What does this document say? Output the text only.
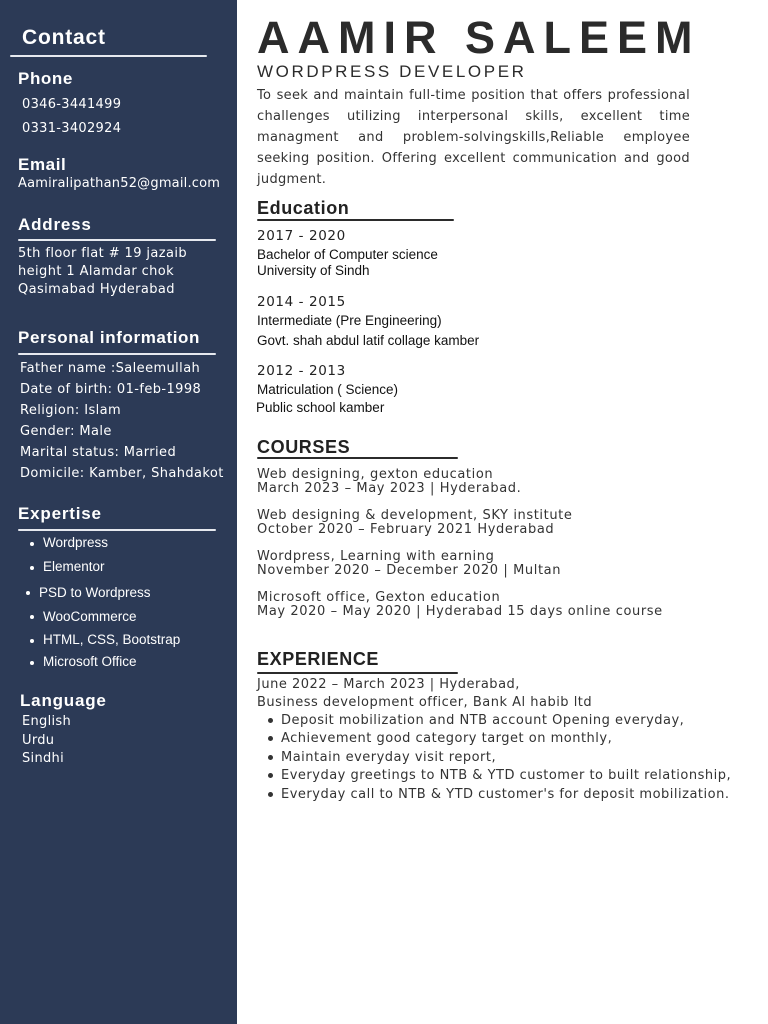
Contact
Phone
0346-3441499
0331-3402924
Email
Aamiralipathan52@gmail.com
Address
5th floor flat # 19 jazaib
height 1 Alamdar chok
Qasimabad Hyderabad
Personal information
Father name :Saleemullah
Date of birth: 01-feb-1998
Religion: Islam
Gender: Male
Marital status: Married
Domicile: Kamber, Shahdakot
Expertise
Wordpress
Elementor
PSD to Wordpress
WooCommerce
HTML, CSS, Bootstrap
Microsoft Office
Language
English
Urdu
Sindhi
AAMIR SALEEM
WORDPRESS DEVELOPER

To seek and maintain full-time position that offers professional challenges utilizing interpersonal skills, excellent time managment and problem-solvingskills,Reliable employee seeking position. Offering excellent communication and good judgment.

Education
2017 - 2020
Bachelor of Computer science
University of Sindh
2014 - 2015
Intermediate (Pre Engineering)
Govt. shah abdul latif collage kamber
2012 - 2013
Matriculation ( Science)
Public school kamber
COURSES
Web designing, gexton education
March 2023 – May 2023 | Hyderabad.
Web designing & development, SKY institute
October 2020 – February 2021 Hyderabad
Wordpress, Learning with earning
November 2020 – December 2020 | Multan
Microsoft office, Gexton education
May 2020 – May 2020 | Hyderabad 15 days online course
EXPERIENCE
June 2022 – March 2023 | Hyderabad,
Business development officer, Bank Al habib ltd
Deposit mobilization and NTB account Opening everyday,
Achievement good category target on monthly,
Maintain everyday visit report,
Everyday greetings to NTB & YTD customer to built relationship,
Everyday call to NTB & YTD customer's for deposit mobilization.
